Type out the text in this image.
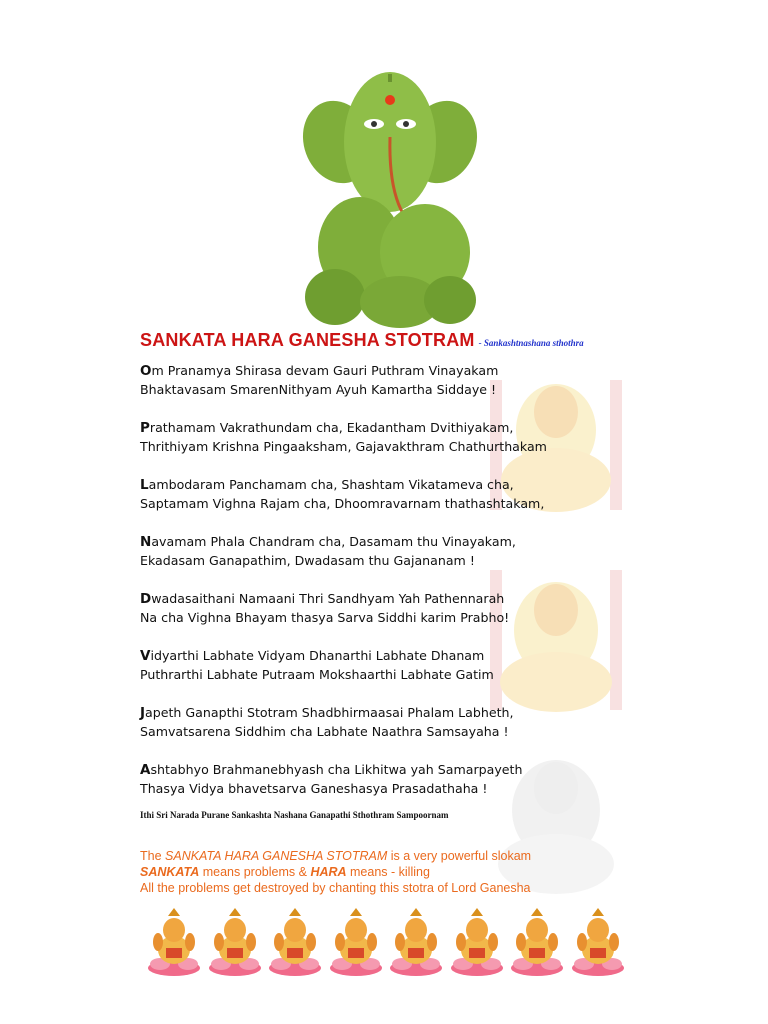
SANKATA HARA GANESHA STOTRAM - Sankashtnashana sthothra

Om Pranamya Shirasa devam Gauri Puthram Vinayakam
Bhaktavasam SmarenNithyam Ayuh Kamartha Siddaye !

Prathamam Vakrathundam cha, Ekadantham Dvithiyakam,
Thrithiyam Krishna Pingaaksham, Gajavakthram Chathurthakam

Lambodaram Panchamam cha, Shashtam Vikatameva cha,
Saptamam Vighna Rajam cha, Dhoomravarnam thathashtakam,

Navamam Phala Chandram cha, Dasamam thu Vinayakam,
Ekadasam Ganapathim, Dwadasam thu Gajananam !

Dwadasaithani Namaani Thri Sandhyam Yah Pathennarah
Na cha Vighna Bhayam thasya Sarva Siddhi karim Prabho!

Vidyarthi Labhate Vidyam Dhanarthi Labhate Dhanam
Puthrarthi Labhate Putraam Mokshaarthi Labhate Gatim

Japeth Ganapthi Stotram Shadbhirmaasai Phalam Labheth,
Samvatsarena Siddhim cha Labhate Naathra Samsayaha !

Ashtabhyo Brahmanebhyash cha Likhitwa yah Samarpayeth
Thasya Vidya bhavetsarva Ganeshasya Prasadathaha !

Ithi Sri Narada Purane Sankashta Nashana Ganapathi Sthothram Sampoornam
The SANKATA HARA GANESHA STOTRAM is a very powerful slokam
SANKATA means problems & HARA means - killing
All the problems get destroyed by chanting this stotra of Lord Ganesha
